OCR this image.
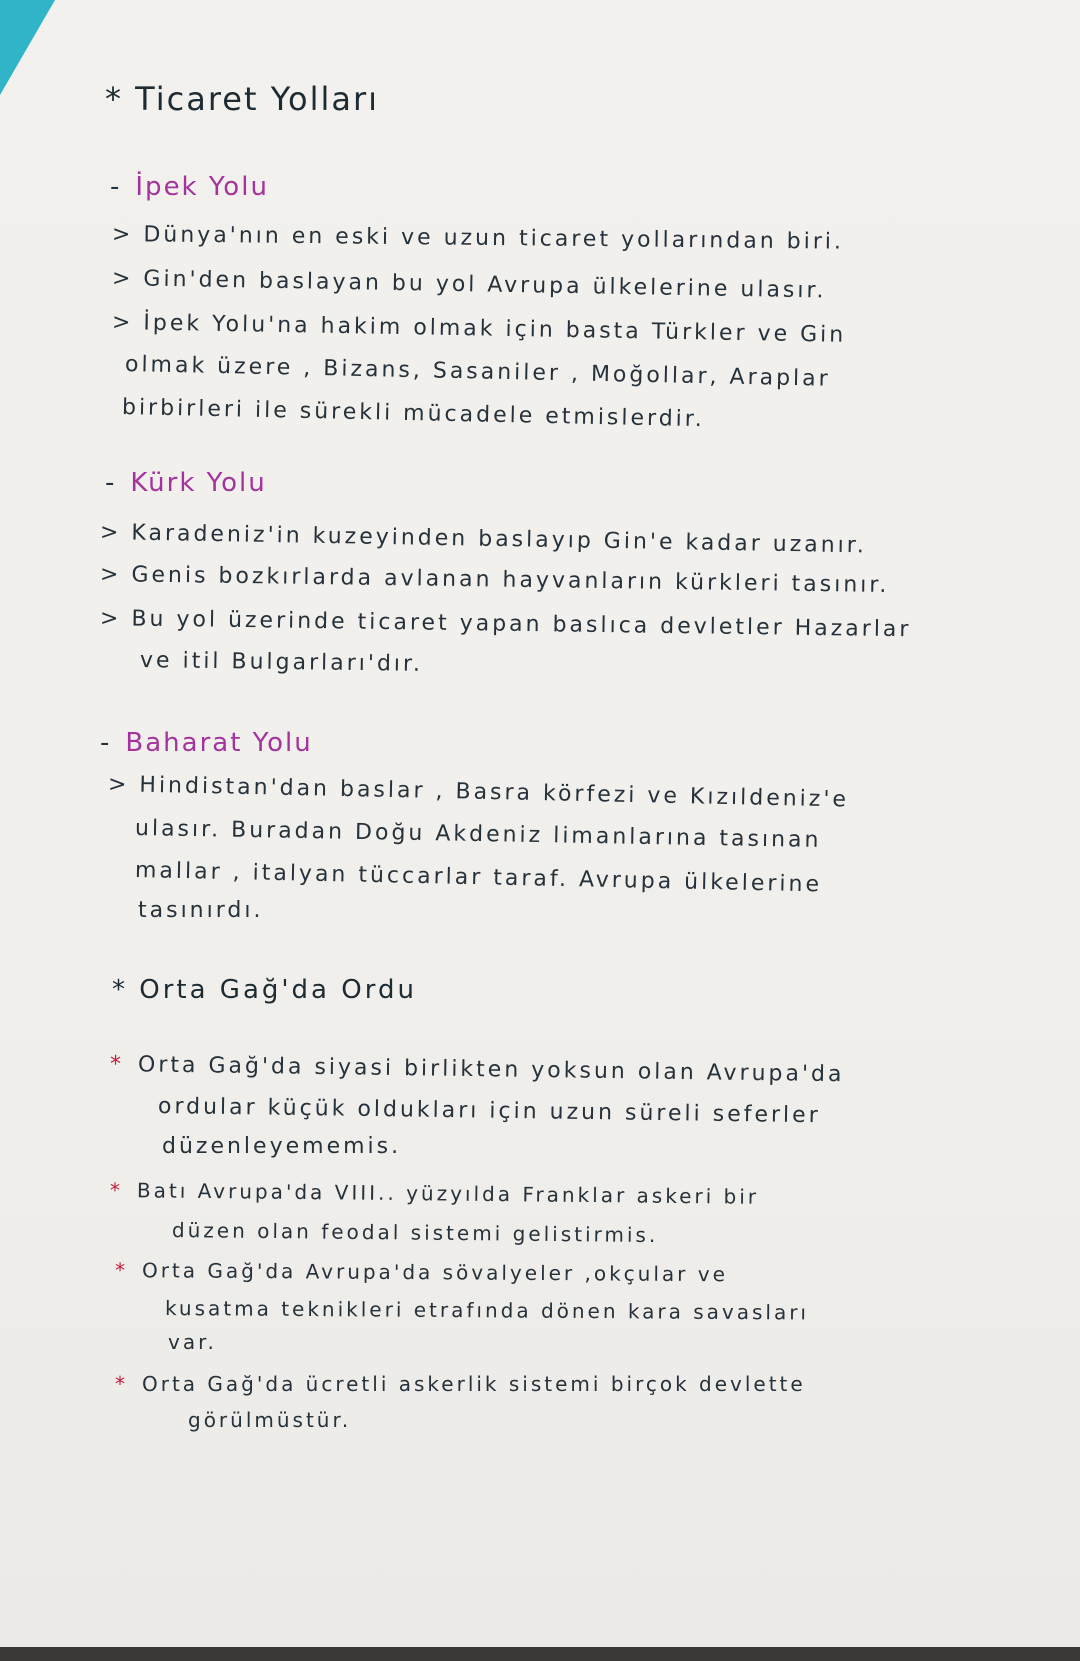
* Ticaret Yolları
- İpek Yolu
> Dünya'nın en eski ve uzun ticaret yollarından biri.
> Gin'den baslayan bu yol Avrupa ülkelerine ulasır.
> İpek Yolu'na hakim olmak için basta Türkler ve Gin
olmak üzere , Bizans, Sasaniler , Moğollar, Araplar
birbirleri ile sürekli mücadele etmislerdir.
- Kürk Yolu
> Karadeniz'in kuzeyinden baslayıp Gin'e kadar uzanır.
> Genis bozkırlarda avlanan hayvanların kürkleri tasınır.
> Bu yol üzerinde ticaret yapan baslıca devletler Hazarlar
ve itil Bulgarları'dır.
- Baharat Yolu
> Hindistan'dan baslar , Basra körfezi ve Kızıldeniz'e
ulasır. Buradan Doğu Akdeniz limanlarına tasınan
mallar , italyan tüccarlar taraf. Avrupa ülkelerine
tasınırdı.
* Orta Gağ'da Ordu
* Orta Gağ'da siyasi birlikten yoksun olan Avrupa'da
ordular küçük oldukları için uzun süreli seferler
düzenleyememis.
* Batı Avrupa'da VIII.. yüzyılda Franklar askeri bir
düzen olan feodal sistemi gelistirmis.
* Orta Gağ'da Avrupa'da sövalyeler ,okçular ve
kusatma teknikleri etrafında dönen kara savasları
var.
* Orta Gağ'da ücretli askerlik sistemi birçok devlette
görülmüstür.
